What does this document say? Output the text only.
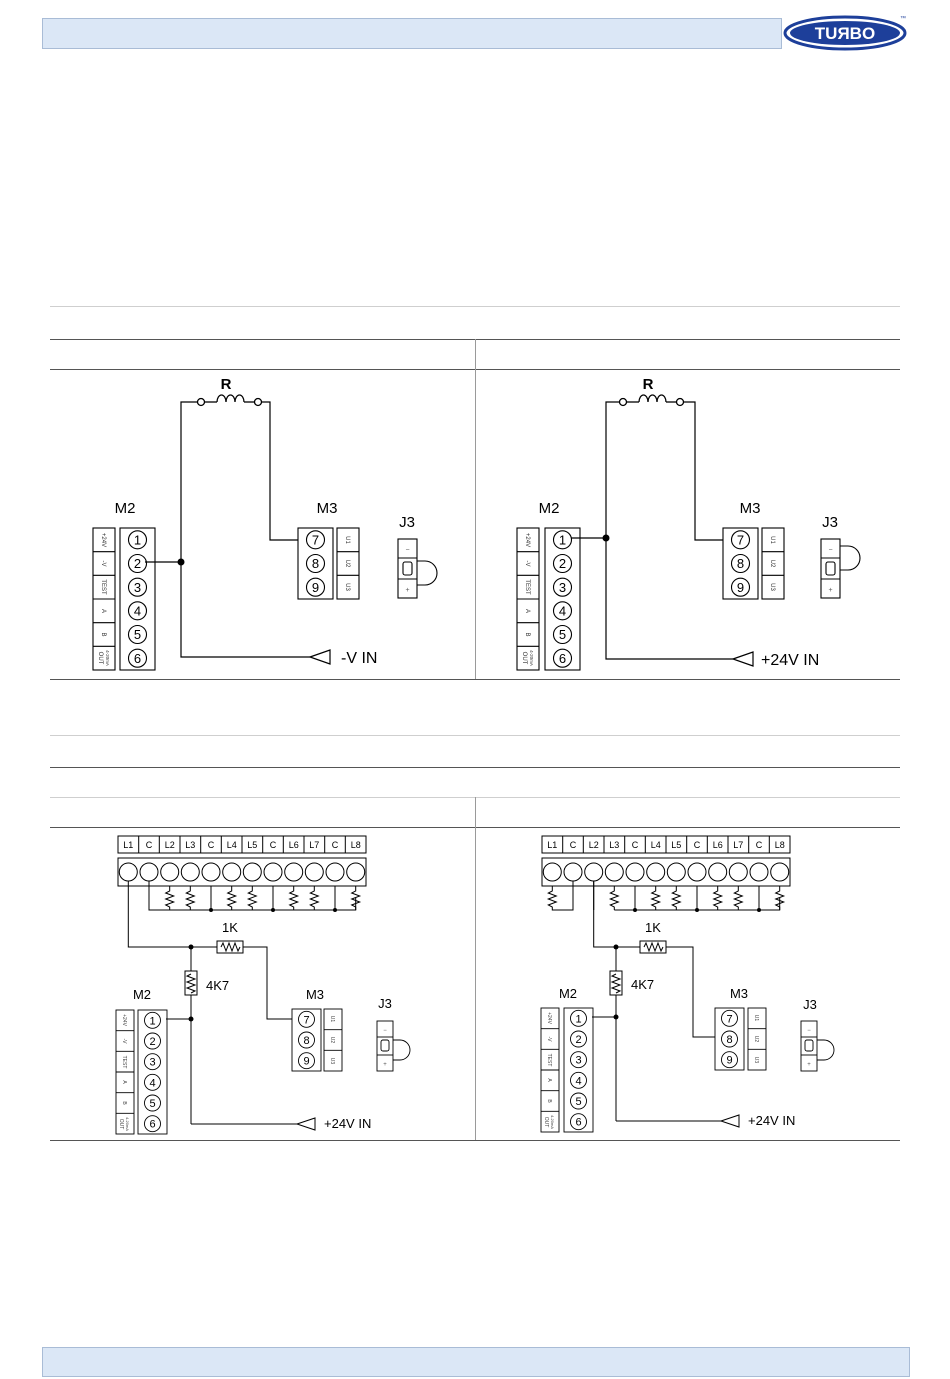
TUЯBO
™
R
-V IN
M2
+24V
-V
TEST
A
B
OUT 4-20mA
1
2
3
4
5
6
M3
7
8
9
U1
U2
U3
J3
−
+
R
+24V IN
M2
+24V
-V
TEST
A
B
OUT 4-20mA
1
2
3
4
5
6
M3
7
8
9
U1
U2
U3
J3
−
+
L1 C L2 L3 C L4 L5 C L6 L7 C L8
1K
4K7
+24V IN
M2
+24V
-V
TEST
A
B
OUT 4-20mA
1
2
3
4
5
6
M3
7
8
9
U1
U2
U3
J3
−
+
L1 C L2 L3 C L4 L5 C L6 L7 C L8
1K
4K7
+24V IN
M2
+24V
-V
TEST
A
B
OUT 4-20mA
1
2
3
4
5
6
M3
7
8
9
U1
U2
U3
J3
−
+
